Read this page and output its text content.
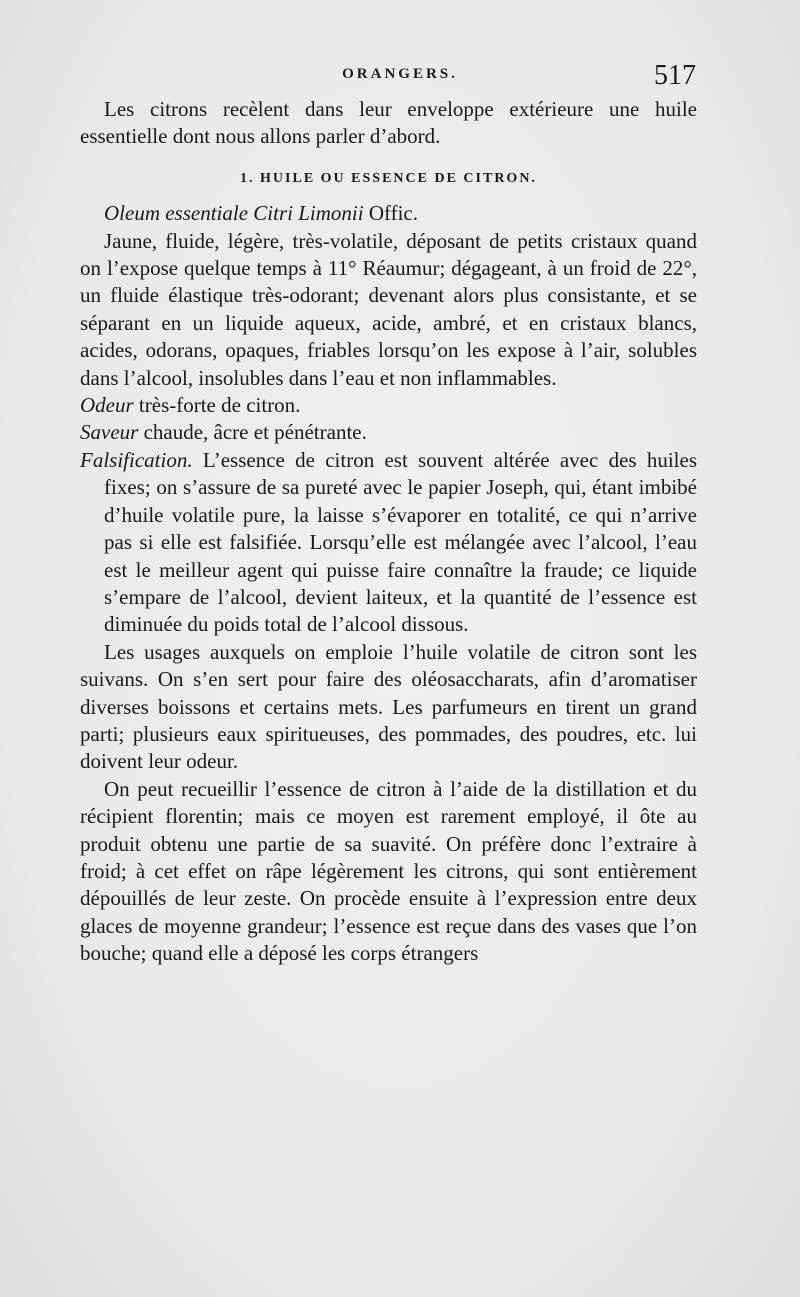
ORANGERS.	517

Les citrons recèlent dans leur enveloppe extérieure une huile essentielle dont nous allons parler d’abord.

1. HUILE OU ESSENCE DE CITRON.

Oleum essentiale Citri Limonii Offic.

Jaune, fluide, légère, très-volatile, déposant de petits cristaux quand on l’expose quelque temps à 11° Réaumur; dégageant, à un froid de 22°, un fluide élastique très-odorant; devenant alors plus consistante, et se séparant en un liquide aqueux, acide, ambré, et en cristaux blancs, acides, odorans, opaques, friables lorsqu’on les expose à l’air, solubles dans l’alcool, insolubles dans l’eau et non inflammables.

Odeur très-forte de citron.

Saveur chaude, âcre et pénétrante.

Falsification. L’essence de citron est souvent altérée avec des huiles fixes; on s’assure de sa pureté avec le papier Joseph, qui, étant imbibé d’huile volatile pure, la laisse s’évaporer en totalité, ce qui n’arrive pas si elle est falsifiée. Lorsqu’elle est mélangée avec l’alcool, l’eau est le meilleur agent qui puisse faire connaître la fraude; ce liquide s’empare de l’alcool, devient laiteux, et la quantité de l’essence est diminuée du poids total de l’alcool dissous.

Les usages auxquels on emploie l’huile volatile de citron sont les suivans. On s’en sert pour faire des oléosaccharats, afin d’aromatiser diverses boissons et certains mets. Les parfumeurs en tirent un grand parti; plusieurs eaux spiritueuses, des pommades, des poudres, etc. lui doivent leur odeur.

On peut recueillir l’essence de citron à l’aide de la distillation et du récipient florentin; mais ce moyen est rarement employé, il ôte au produit obtenu une partie de sa suavité. On préfère donc l’extraire à froid; à cet effet on râpe légèrement les citrons, qui sont entièrement dépouillés de leur zeste. On procède ensuite à l’expression entre deux glaces de moyenne grandeur; l’essence est reçue dans des vases que l’on bouche; quand elle a déposé les corps étrangers
